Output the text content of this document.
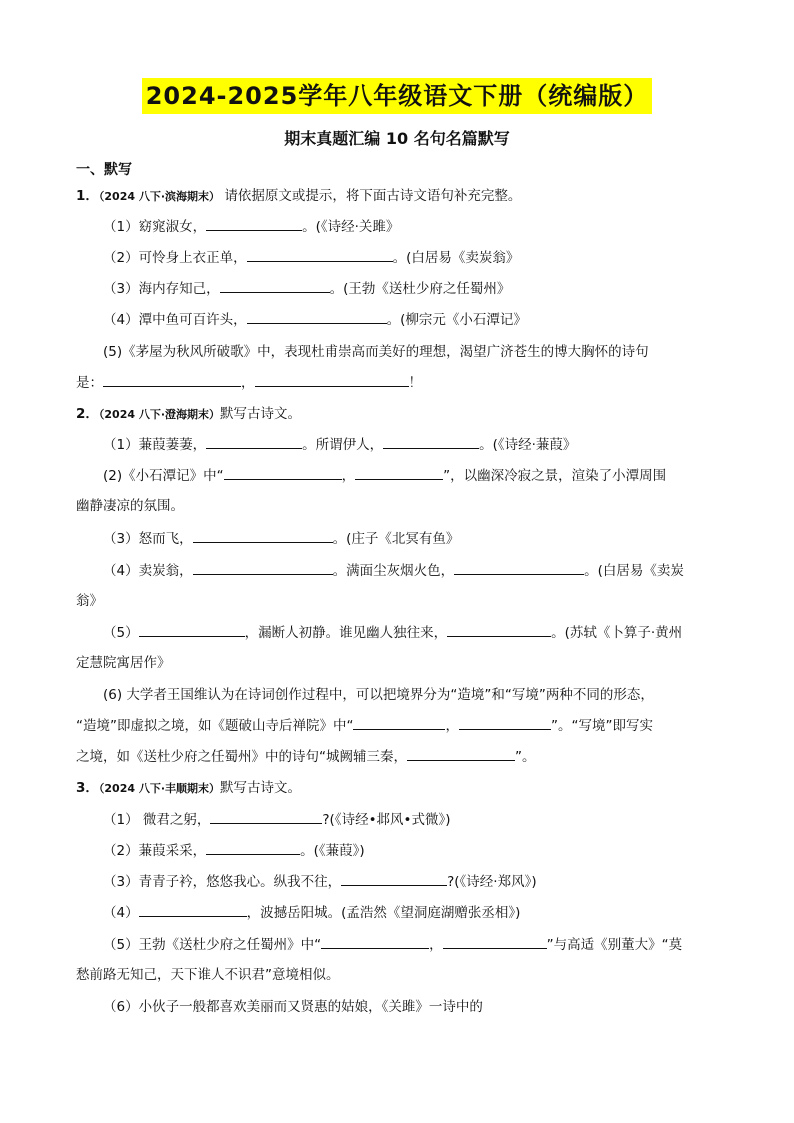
2024-2025学年八年级语文下册（统编版）
期末真题汇编 10 名句名篇默写
一、默写
1．（2024 八下·滨海期末） 请依据原文或提示，将下面古诗文语句补充完整。
（1）窈窕淑女，	。(《诗经·关雎》
（2）可怜身上衣正单，	。(白居易《卖炭翁》
（3）海内存知己，	。(王勃《送杜少府之任蜀州》
（4）潭中鱼可百许头，	。(柳宗元《小石潭记》
(5)《茅屋为秋风所破歌》中，表现杜甫崇高而美好的理想，渴望广济苍生的博大胸怀的诗句
是：	，	！
2．（2024 八下·澄海期末）默写古诗文。
（1）蒹葭萋萋，	。所谓伊人，	。(《诗经·蒹葭》
(2)《小石潭记》中“	，	”，以幽深冷寂之景，渲染了小潭周围
幽静凄凉的氛围。
（3）怒而飞，	。(庄子《北冥有鱼》
（4）卖炭翁，	。满面尘灰烟火色，	。(白居易《卖炭
翁》
（5）	，漏断人初静。谁见幽人独往来，	。(苏轼《卜算子·黄州
定慧院寓居作》
(6) 大学者王国维认为在诗词创作过程中，可以把境界分为“造境”和“写境”两种不同的形态，
“造境”即虚拟之境，如《题破山寺后禅院》中“	，	”。“写境”即写实
之境，如《送杜少府之任蜀州》中的诗句“城阙辅三秦，	”。
3．（2024 八下·丰顺期末）默写古诗文。
（1） 微君之躬，	?(《诗经•邶风•式微》)
（2）蒹葭采采，	。(《蒹葭》)
（3）青青子衿，悠悠我心。纵我不往，	?(《诗经·郑风》)
（4）	，波撼岳阳城。(孟浩然《望洞庭湖赠张丞相》)
（5）王勃《送杜少府之任蜀州》中“	，	”与高适《别董大》“莫
愁前路无知己，天下谁人不识君”意境相似。
（6）小伙子一般都喜欢美丽而又贤惠的姑娘，《关雎》一诗中的
